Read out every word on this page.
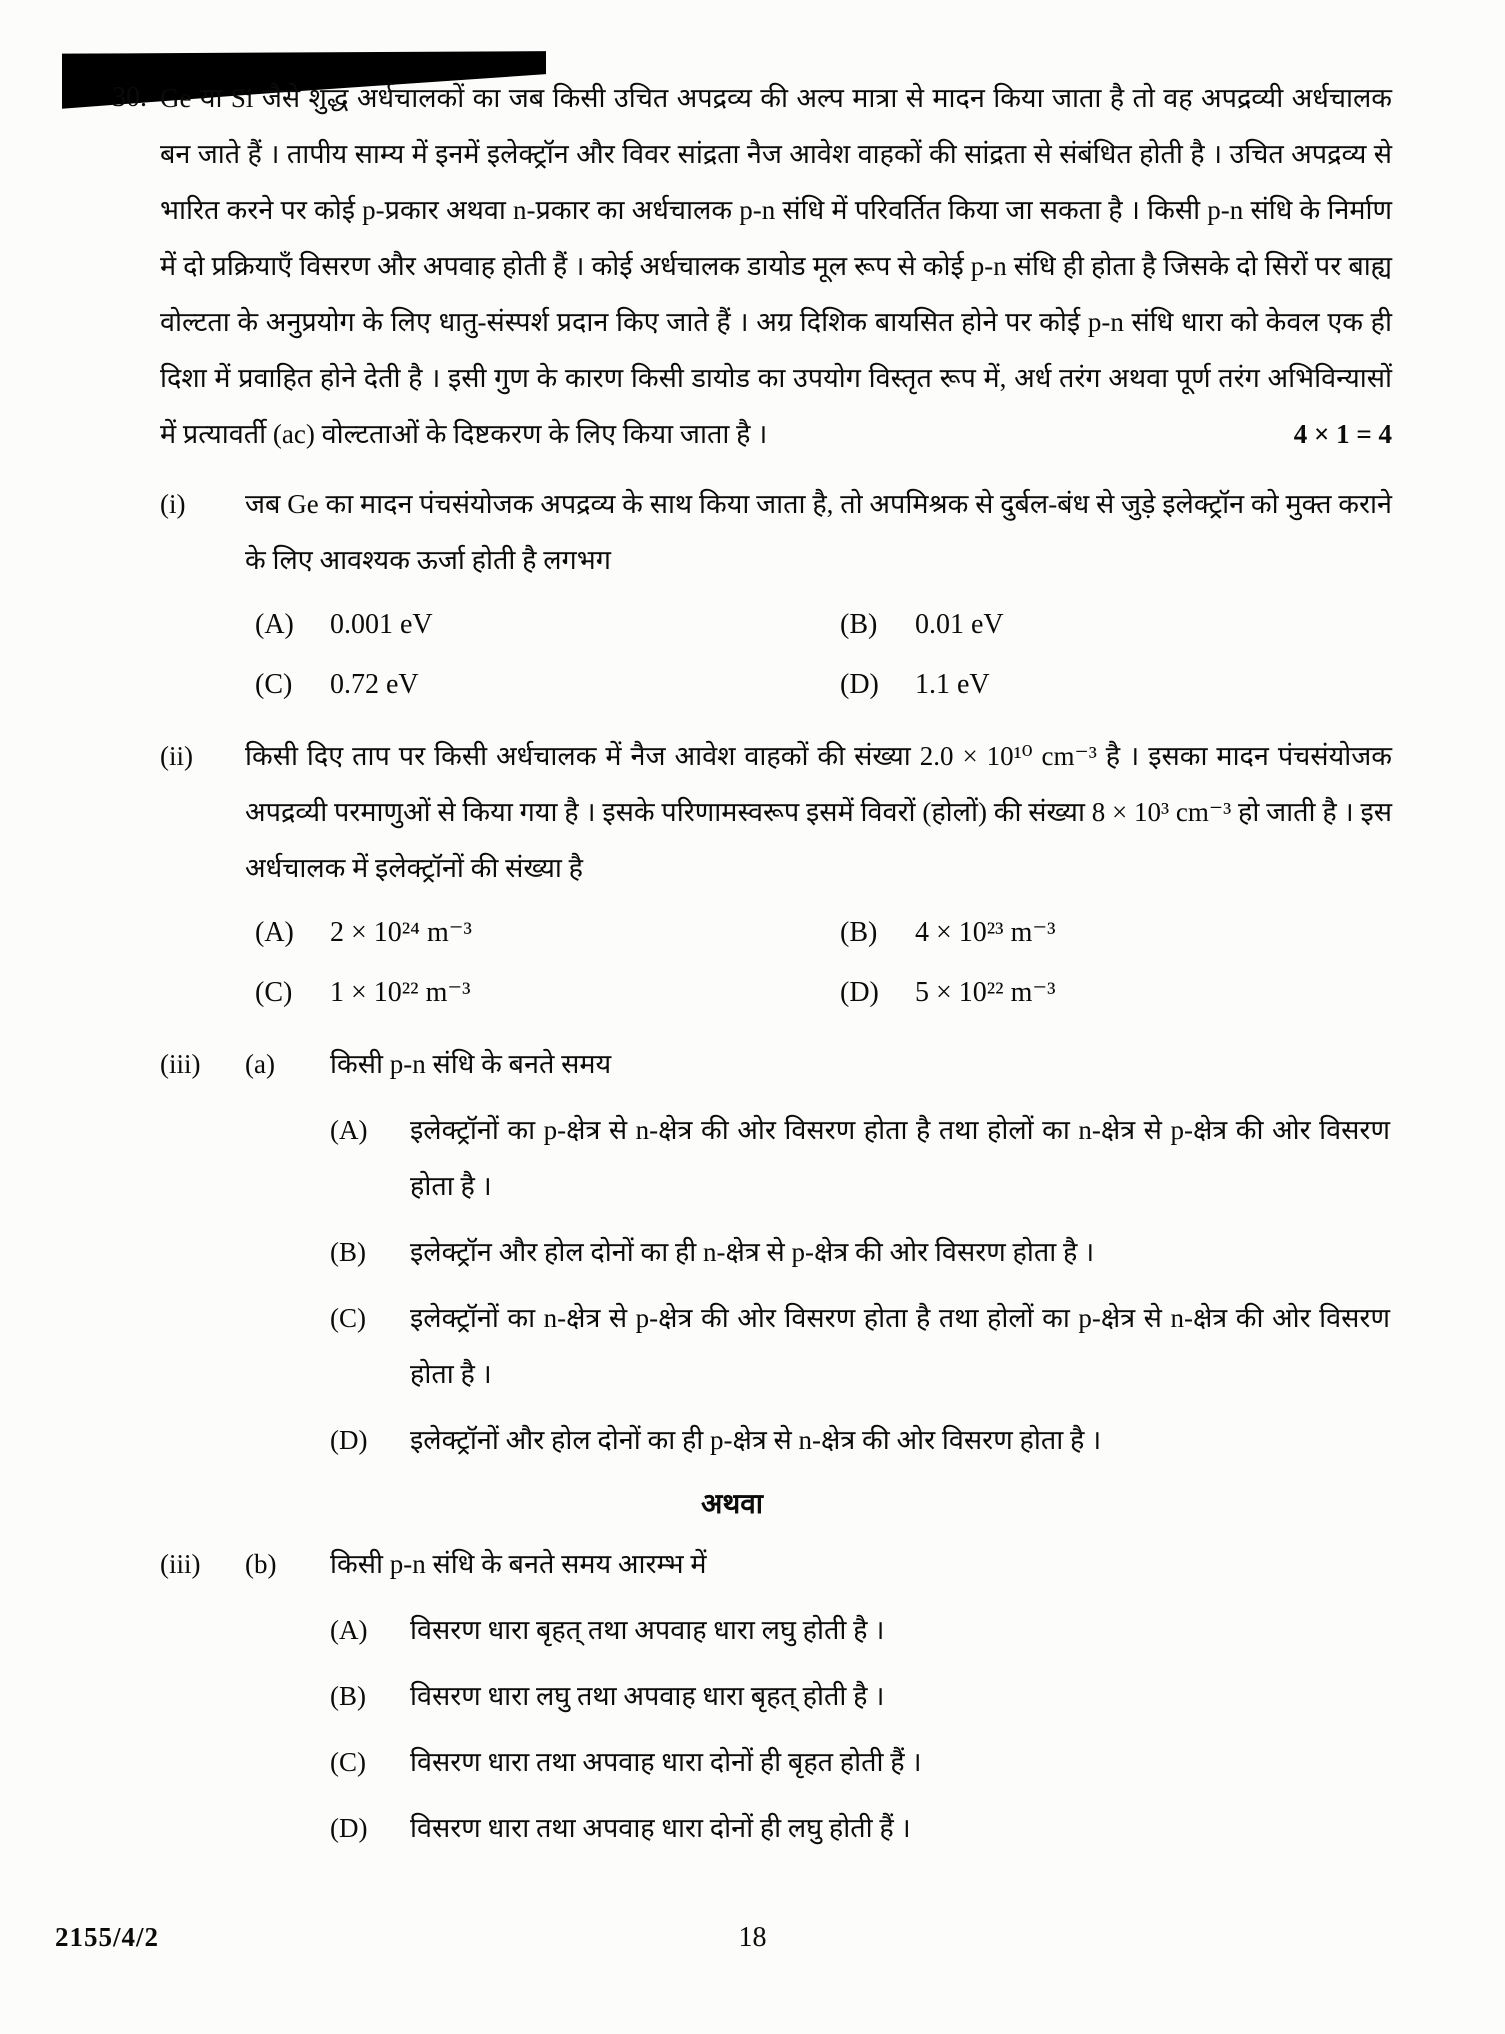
30. Ge या Si जैसे शुद्ध अर्धचालकों का जब किसी उचित अपद्रव्य की अल्प मात्रा से मादन किया जाता है तो वह अपद्रव्यी अर्धचालक बन जाते हैं । तापीय साम्य में इनमें इलेक्ट्रॉन और विवर सांद्रता नैज आवेश वाहकों की सांद्रता से संबंधित होती है । उचित अपद्रव्य से भारित करने पर कोई p-प्रकार अथवा n-प्रकार का अर्धचालक p-n संधि में परिवर्तित किया जा सकता है । किसी p-n संधि के निर्माण में दो प्रक्रियाएँ विसरण और अपवाह होती हैं । कोई अर्धचालक डायोड मूल रूप से कोई p-n संधि ही होता है जिसके दो सिरों पर बाह्य वोल्टता के अनुप्रयोग के लिए धातु-संस्पर्श प्रदान किए जाते हैं । अग्र दिशिक बायसित होने पर कोई p-n संधि धारा को केवल एक ही दिशा में प्रवाहित होने देती है । इसी गुण के कारण किसी डायोड का उपयोग विस्तृत रूप में, अर्ध तरंग अथवा पूर्ण तरंग अभिविन्यासों में प्रत्यावर्ती (ac) वोल्टताओं के दिष्टकरण के लिए किया जाता है ।	4 × 1 = 4
(i)	जब Ge का मादन पंचसंयोजक अपद्रव्य के साथ किया जाता है, तो अपमिश्रक से दुर्बल-बंध से जुड़े इलेक्ट्रॉन को मुक्त कराने के लिए आवश्यक ऊर्जा होती है लगभग
(A)	0.001 eV	(B)	0.01 eV
(C)	0.72 eV	(D)	1.1 eV
(ii)	किसी दिए ताप पर किसी अर्धचालक में नैज आवेश वाहकों की संख्या 2.0 × 10¹⁰ cm⁻³ है । इसका मादन पंचसंयोजक अपद्रव्यी परमाणुओं से किया गया है । इसके परिणामस्वरूप इसमें विवरों (होलों) की संख्या 8 × 10³ cm⁻³ हो जाती है । इस अर्धचालक में इलेक्ट्रॉनों की संख्या है
(A)	2 × 10²⁴ m⁻³	(B)	4 × 10²³ m⁻³
(C)	1 × 10²² m⁻³	(D)	5 × 10²² m⁻³
(iii)	(a)	किसी p-n संधि के बनते समय
(A)	इलेक्ट्रॉनों का p-क्षेत्र से n-क्षेत्र की ओर विसरण होता है तथा होलों का n-क्षेत्र से p-क्षेत्र की ओर विसरण होता है ।
(B)	इलेक्ट्रॉन और होल दोनों का ही n-क्षेत्र से p-क्षेत्र की ओर विसरण होता है ।
(C)	इलेक्ट्रॉनों का n-क्षेत्र से p-क्षेत्र की ओर विसरण होता है तथा होलों का p-क्षेत्र से n-क्षेत्र की ओर विसरण होता है ।
(D)	इलेक्ट्रॉनों और होल दोनों का ही p-क्षेत्र से n-क्षेत्र की ओर विसरण होता है ।
अथवा
(iii)	(b)	किसी p-n संधि के बनते समय आरम्भ में
(A)	विसरण धारा बृहत् तथा अपवाह धारा लघु होती है ।
(B)	विसरण धारा लघु तथा अपवाह धारा बृहत् होती है ।
(C)	विसरण धारा तथा अपवाह धारा दोनों ही बृहत होती हैं ।
(D)	विसरण धारा तथा अपवाह धारा दोनों ही लघु होती हैं ।
2155/4/2	18
